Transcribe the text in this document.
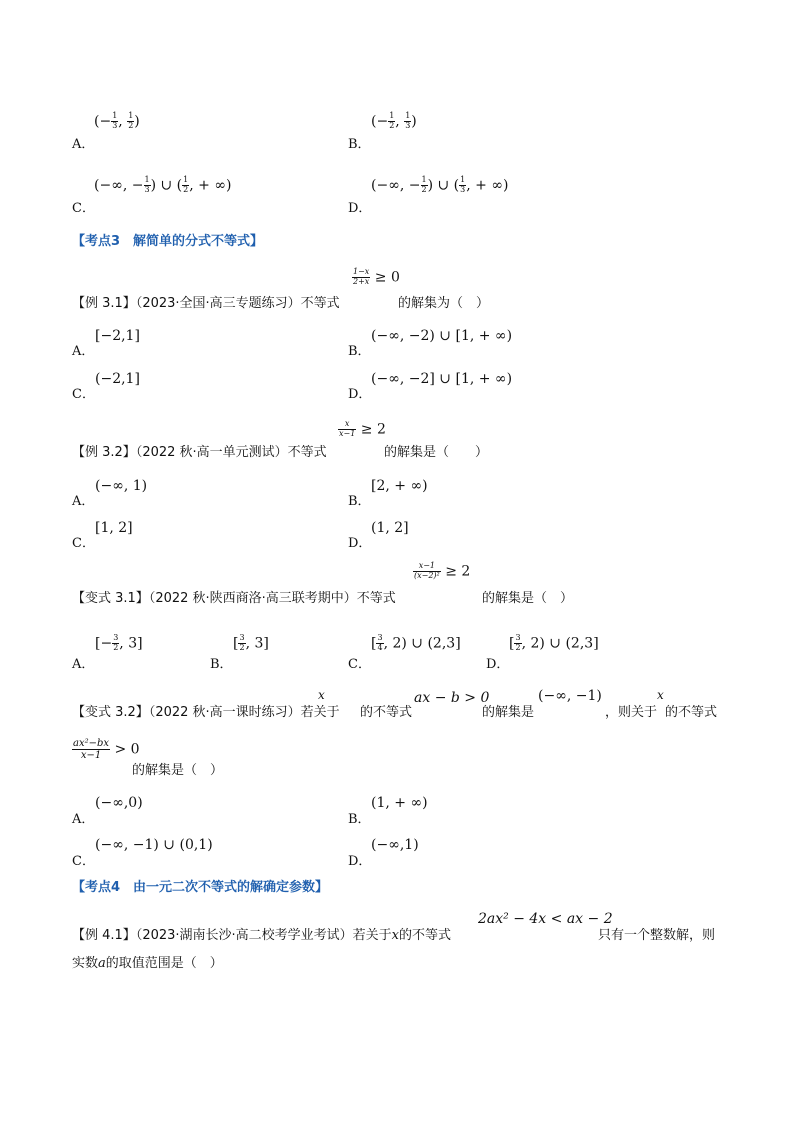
A．
(− $\frac{1}{3}$ , $\frac{1}{2}$ )
B．
(− $\frac{1}{2}$ , $\frac{1}{3}$ )
C．
(−∞, − $\frac{1}{3}$ ) ∪ ( $\frac{1}{2}$ , + ∞)
D．
(−∞, − $\frac{1}{2}$ ) ∪ ( $\frac{1}{3}$ , + ∞)
【考点3　解简单的分式不等式】
【例 3.1】（2023·全国·高三专题练习）不等式
$\frac{1-x}{2+x} \ge 0$
的解集为（　）
A．
[−2,1]
B．
(−∞, −2) ∪ [1, + ∞)
C．
(−2,1]
D．
(−∞, −2] ∪ [1, + ∞)
【例 3.2】（2022 秋·高一单元测试）不等式
$\frac{x}{x-1} \ge 2$
的解集是（　　）
A．
(−∞, 1)
B．
[2, + ∞)
C．
[1, 2]
D．
(1, 2]
【变式 3.1】（2022 秋·陕西商洛·高三联考期中）不等式
$\frac{x-1}{\text{(x−2)²}} \ge 2$
的解集是（　）
A．
[− $\frac{3}{2}$ , 3]
B．
[ $\frac{3}{2}$ , 3]
C．
[ $\frac{3}{4}$ , 2) ∪ (2,3]
D．
[ $\frac{3}{2}$ , 2) ∪ (2,3]
【变式 3.2】（2022 秋·高一课时练习）若关于
x
的不等式
ax − b > 0
的解集是
(−∞, −1)
，则关于
x
的不等式
$\frac{\text{ax²−bx}}{x-1} > 0$
的解集是（　）
A．
(−∞,0)
B．
(1, + ∞)
C．
(−∞, −1) ∪ (0,1)
D．
(−∞,1)
【考点4　由一元二次不等式的解确定参数】
【例 4.1】（2023·湖南长沙·高二校考学业考试）若关于x的不等式
2ax² − 4x < ax − 2
只有一个整数解，则
实数a的取值范围是（　）
